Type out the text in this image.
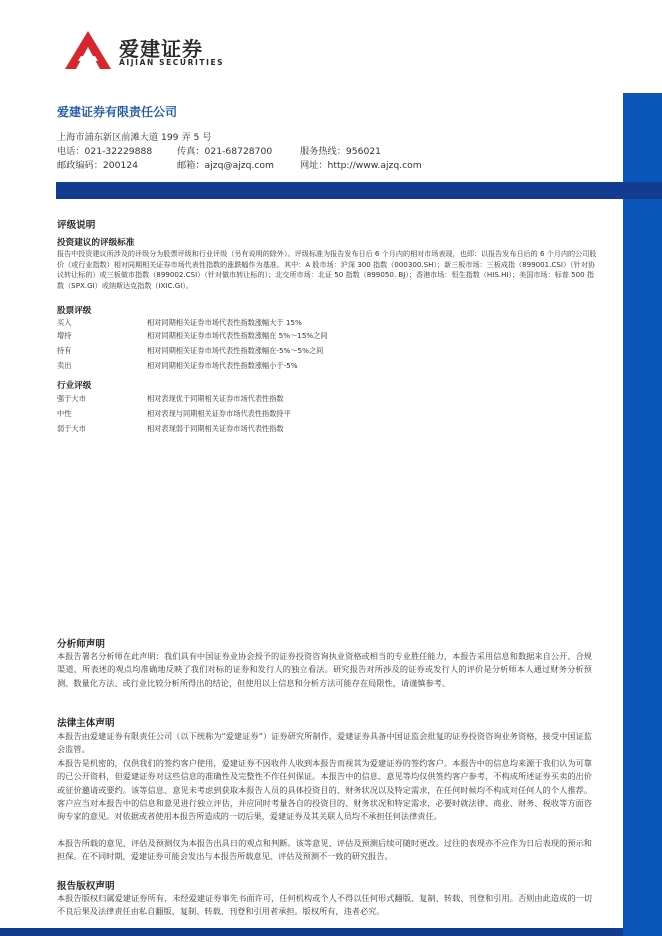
爱建证券
AIJIAN SECURITIES
爱建证券有限责任公司
上海市浦东新区前滩大道 199 弄 5 号
电话：021-32229888	传真：021-68728700	服务热线：956021
邮政编码：200124	邮箱：ajzq@ajzq.com	网址：http://www.ajzq.com
评级说明
投资建议的评级标准
报告中投资建议所涉及的评级分为股票评级和行业评级（另有说明的除外）。评级标准为报告发布日后 6 个月内的相对市场表现，也即：以报告发布日后的 6 个月内的公司股价（或行业指数）相对同期相关证券市场代表性指数的涨跌幅作为基准。其中：A 股市场：沪深 300 指数（000300.SH）；新三板市场：三板成指（899001.CSI）（针对协议转让标的）或三板做市指数（899002.CSI）（针对做市转让标的）；北交所市场：北证 50 指数（899050. BJ）；香港市场：恒生指数（HIS.HI）；美国市场：标普 500 指数（SPX.GI）或纳斯达克指数（IXIC.GI）。
股票评级
买入	相对同期相关证券市场代表性指数涨幅大于 15%
增持	相对同期相关证券市场代表性指数涨幅在 5%～15%之间
持有	相对同期相关证券市场代表性指数涨幅在-5%～5%之间
卖出	相对同期相关证券市场代表性指数涨幅小于-5%
行业评级
强于大市	相对表现优于同期相关证券市场代表性指数
中性	相对表现与同期相关证券市场代表性指数持平
弱于大市	相对表现弱于同期相关证券市场代表性指数
分析师声明
本报告署名分析师在此声明：我们具有中国证券业协会授予的证券投资咨询执业资格或相当的专业胜任能力，本报告采用信息和数据来自公开、合规渠道，所表述的观点均准确地反映了我们对标的证券和发行人的独立看法。研究报告对所涉及的证券或发行人的评价是分析师本人通过财务分析预测、数量化方法、或行业比较分析所得出的结论，但使用以上信息和分析方法可能存在局限性，请谨慎参考。
法律主体声明
本报告由爱建证券有限责任公司（以下统称为“爱建证券”）证券研究所制作，爱建证券具备中国证监会批复的证券投资咨询业务资格，接受中国证监会监管。
本报告是机密的，仅供我们的签约客户使用，爱建证券不因收件人收到本报告而视其为爱建证券的签约客户。本报告中的信息均来源于我们认为可靠的已公开资料，但爱建证券对这些信息的准确性及完整性不作任何保证。本报告中的信息、意见等均仅供签约客户参考，不构成所述证券买卖的出价或征价邀请或要约。该等信息、意见未考虑到获取本报告人员的具体投资目的、财务状况以及特定需求，在任何时候均不构成对任何人的个人推荐。客户应当对本报告中的信息和意见进行独立评估，并应同时考量各自的投资目的、财务状况和特定需求，必要时就法律、商业、财务、税收等方面咨询专家的意见。对依据或者使用本报告所造成的一切后果，爱建证券及其关联人员均不承担任何法律责任。
本报告所载的意见、评估及预测仅为本报告出具日的观点和判断。该等意见、评估及预测后续可随时更改。过往的表现亦不应作为日后表现的预示和担保。在不同时期，爱建证券可能会发出与本报告所载意见、评估及预测不一致的研究报告。
报告版权声明
本报告版权归属爱建证券所有，未经爱建证券事先书面许可，任何机构或个人不得以任何形式翻版、复制、转载、刊登和引用。否则由此造成的一切不良后果及法律责任由私自翻版、复制、转载、刊登和引用者承担。版权所有，违者必究。
